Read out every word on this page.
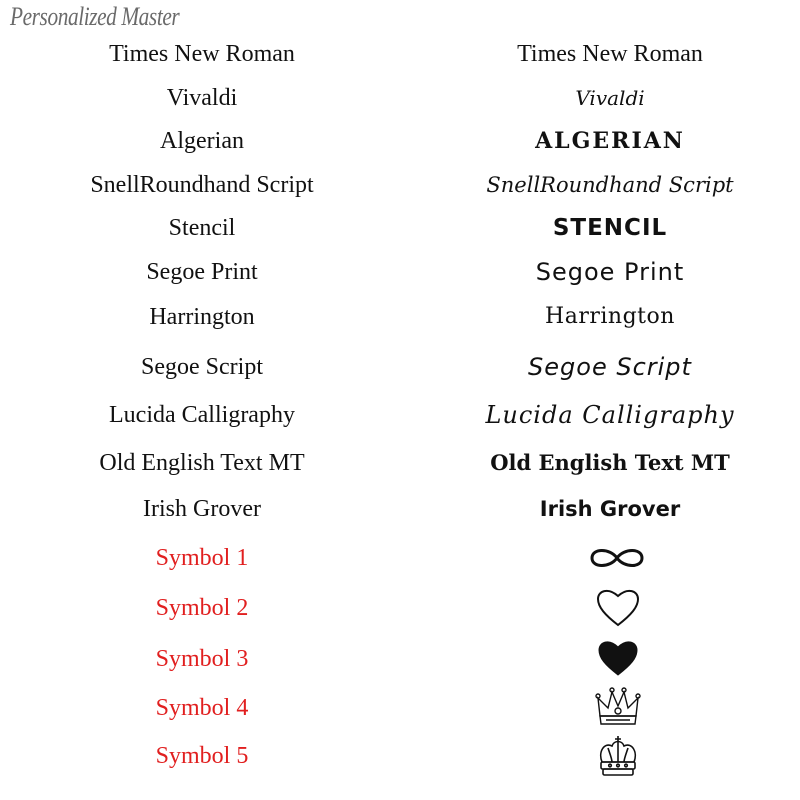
Personalized Master
Times New Roman	Times New Roman
Vivaldi	Vivaldi
Algerian	ALGERIAN
SnellRoundhand Script	SnellRoundhand Script
Stencil	STENCIL
Segoe Print	Segoe Print
Harrington	Harrington
Segoe Script	Segoe Script
Lucida Calligraphy	Lucida Calligraphy
Old English Text MT	Old English Text MT
Irish Grover	Irish Grover
Symbol 1
Symbol 2
Symbol 3
Symbol 4
Symbol 5
